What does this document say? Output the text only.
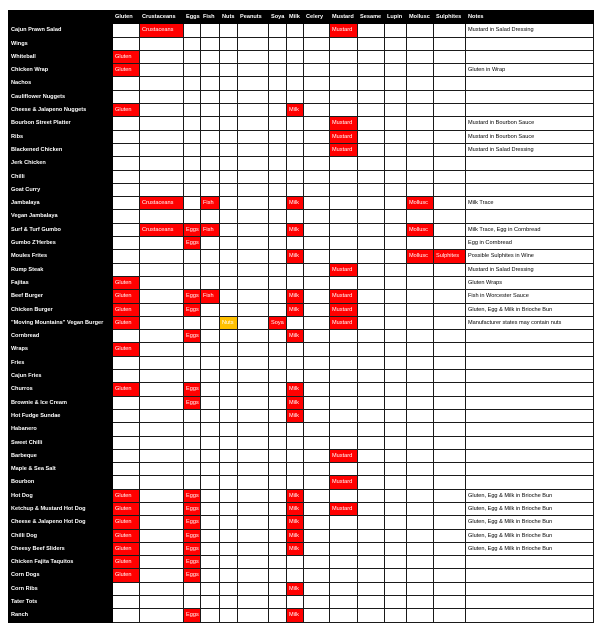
	Gluten	Crustaceans	Eggs	Fish	Nuts	Peanuts	Soya	Milk	Celery	Mustard	Sesame	Lupin	Mollusc	Sulphites	Notes
Cajun Prawn Salad		Crustaceans								Mustard					Mustard in Salad Dressing
Wings															
Whiteball	Gluten														
Chicken Wrap	Gluten														Gluten in Wrap
Nachos															
Cauliflower Nuggets															
Cheese & Jalapeno Nuggets	Gluten							Milk							
Bourbon Street Platter										Mustard					Mustard in Bourbon Sauce
Ribs										Mustard					Mustard in Bourbon Sauce
Blackened Chicken										Mustard					Mustard in Salad Dressing
Jerk Chicken															
Chilli															
Goat Curry															
Jambalaya		Crustaceans		Fish				Milk					Mollusc		Milk Trace
Vegan Jambalaya															
Surf & Turf Gumbo		Crustaceans	Eggs	Fish				Milk					Mollusc		Milk Trace, Egg in Cornbread
Gumbo Z'Herbes			Eggs												Egg in Cornbread
Moules Frites								Milk					Mollusc	Sulphites	Possible Sulphites in Wine
Rump Steak										Mustard					Mustard in Salad Dressing
Fajitas	Gluten														Gluten Wraps
Beef Burger	Gluten		Eggs	Fish				Milk		Mustard					Fish in Worcester Sauce
Chicken Burger	Gluten		Eggs					Milk		Mustard					Gluten, Egg & Milk in Brioche Bun
"Moving Mountains" Vegan Burger	Gluten				Nuts		Soya			Mustard					Manufacturer states may contain nuts
Cornbread			Eggs					Milk							
Wraps	Gluten														
Fries															
Cajun Fries															
Churros	Gluten		Eggs					Milk							
Brownie & Ice Cream			Eggs					Milk							
Hot Fudge Sundae								Milk							
Habanero															
Sweet Chilli															
Barbeque										Mustard					
Maple & Sea Salt															
Bourbon										Mustard					
Hot Dog	Gluten		Eggs					Milk							Gluten, Egg & Milk in Brioche Bun
Ketchup & Mustard Hot Dog	Gluten		Eggs					Milk		Mustard					Gluten, Egg & Milk in Brioche Bun
Cheese & Jalapeno Hot Dog	Gluten		Eggs					Milk							Gluten, Egg & Milk in Brioche Bun
Chilli Dog	Gluten		Eggs					Milk							Gluten, Egg & Milk in Brioche Bun
Cheesy Beef Sliders	Gluten		Eggs					Milk							Gluten, Egg & Milk in Brioche Bun
Chicken Fajita Taquitos	Gluten		Eggs												
Corn Dogs	Gluten		Eggs												
Corn Ribs								Milk							
Tater Tots															
Ranch			Eggs					Milk							
